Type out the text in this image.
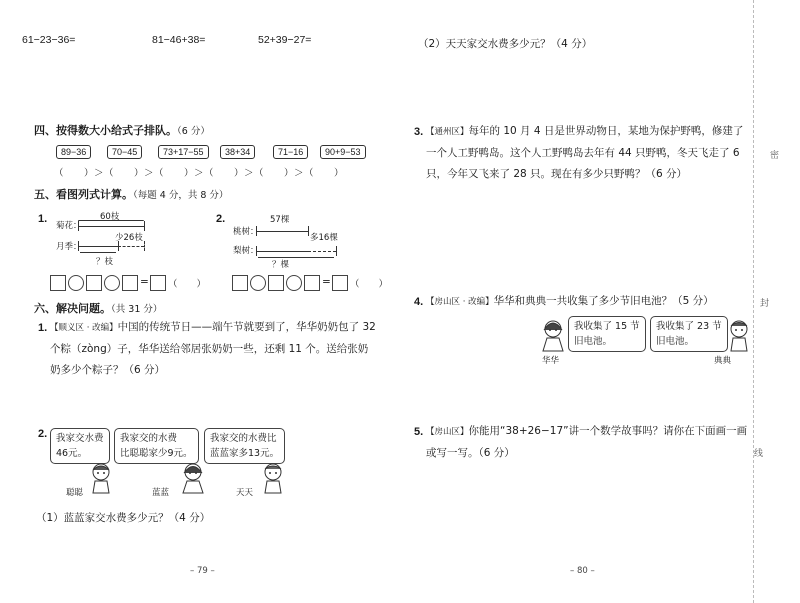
61−23−36=	81−46+38=	52+39−27=
四、按得数大小给式子排队。（6 分）
89−36	70−45	73+17−55	38+34	71−16	90+9−53
（　　）＞（　　）＞（　　）＞（　　）＞（　　）＞（　　）
五、看图列式计算。（每题 4 分，共 8 分）
1.	60枝
菊花：
月季：
少26枝
？枝
2.	57棵
桃树：
梨树：
多16棵
？棵
= （　　）	= （　　）
六、解决问题。（共 31 分）
1. 【顺义区 · 改编】中国的传统节日——端午节就要到了，华华奶奶包了 32 个粽（zòng）子，华华送给邻居张奶奶一些，还剩 11 个。送给张奶奶多少个粽子？（6 分）
2. 我家交水费
46元。
我家交的水费
比聪聪家少9元。
我家交的水费比
蓝蓝家多13元。
聪聪	蓝蓝	天天
（1）蓝蓝家交水费多少元？（4 分）
– 79 –
（2）天天家交水费多少元？（4 分）
3. 【通州区】每年的 10 月 4 日是世界动物日，某地为保护野鸭，修建了一个人工野鸭岛。这个人工野鸭岛去年有 44 只野鸭，冬天飞走了 6 只，今年又飞来了 28 只。现在有多少只野鸭？（6 分）
4. 【房山区 · 改编】华华和典典一共收集了多少节旧电池？（5 分）
我收集了 15 节
旧电池。
我收集了 23 节
旧电池。
华华	典典
5. 【房山区】你能用“38+26−17”讲一个数学故事吗？请你在下面画一画或写一写。（6 分）
– 80 –
密
封
线
